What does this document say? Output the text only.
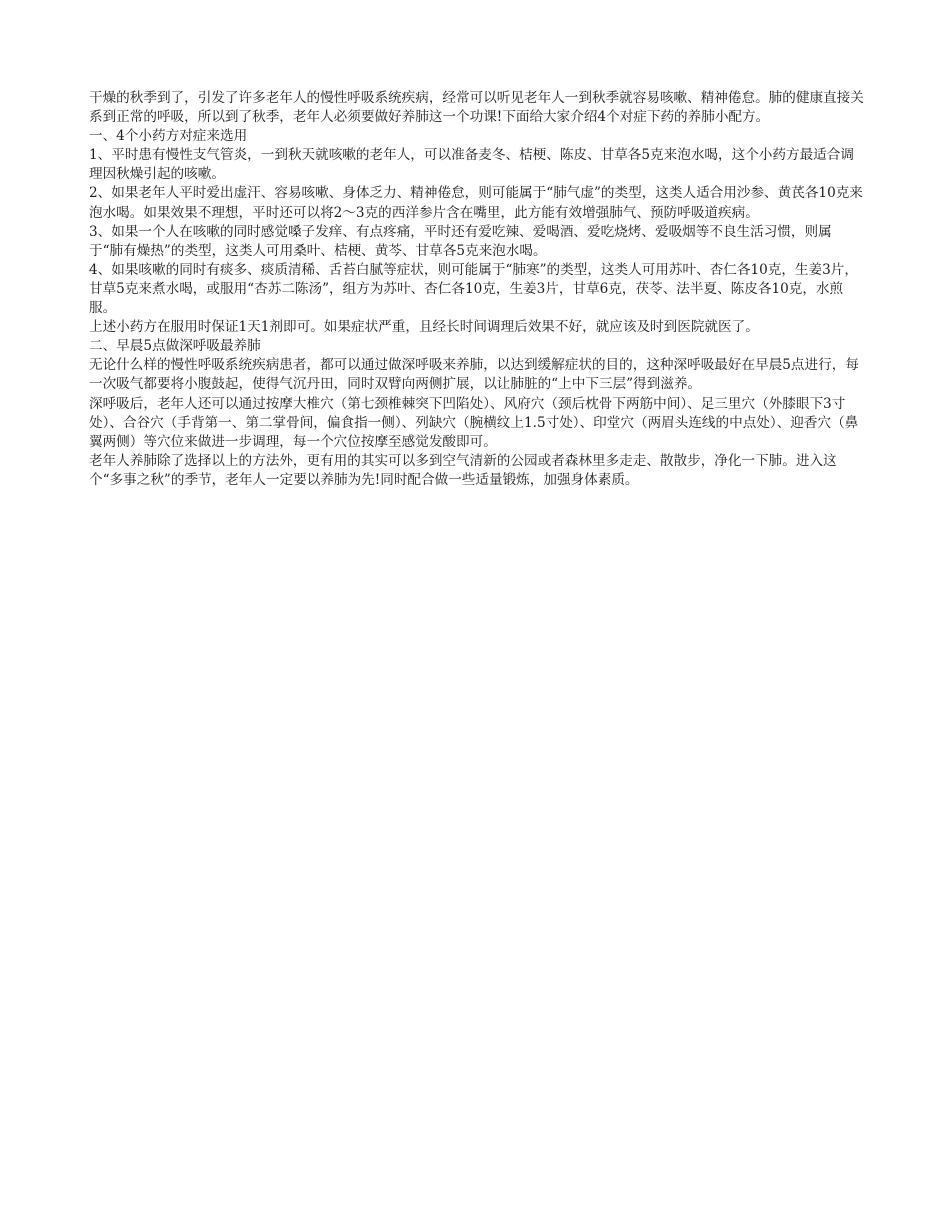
干燥的秋季到了，引发了许多老年人的慢性呼吸系统疾病，经常可以听见老年人一到秋季就容易咳嗽、精神倦怠。肺的健康直接关系到正常的呼吸，所以到了秋季，老年人必须要做好养肺这一个功课!下面给大家介绍4个对症下药的养肺小配方。

一、4个小药方对症来选用

1、平时患有慢性支气管炎，一到秋天就咳嗽的老年人，可以准备麦冬、桔梗、陈皮、甘草各5克来泡水喝，这个小药方最适合调理因秋燥引起的咳嗽。

2、如果老年人平时爱出虚汗、容易咳嗽、身体乏力、精神倦怠，则可能属于“肺气虚”的类型，这类人适合用沙参、黄芪各10克来泡水喝。如果效果不理想，平时还可以将2～3克的西洋参片含在嘴里，此方能有效增强肺气、预防呼吸道疾病。

3、如果一个人在咳嗽的同时感觉嗓子发痒、有点疼痛，平时还有爱吃辣、爱喝酒、爱吃烧烤、爱吸烟等不良生活习惯，则属于“肺有燥热”的类型，这类人可用桑叶、桔梗、黄芩、甘草各5克来泡水喝。

4、如果咳嗽的同时有痰多、痰质清稀、舌苔白腻等症状，则可能属于“肺寒”的类型，这类人可用苏叶、杏仁各10克，生姜3片，甘草5克来煮水喝，或服用“杏苏二陈汤”，组方为苏叶、杏仁各10克，生姜3片，甘草6克，茯苓、法半夏、陈皮各10克，水煎服。

上述小药方在服用时保证1天1剂即可。如果症状严重，且经长时间调理后效果不好，就应该及时到医院就医了。

二、早晨5点做深呼吸最养肺

无论什么样的慢性呼吸系统疾病患者，都可以通过做深呼吸来养肺，以达到缓解症状的目的，这种深呼吸最好在早晨5点进行，每一次吸气都要将小腹鼓起，使得气沉丹田，同时双臂向两侧扩展，以让肺脏的“上中下三层”得到滋养。

深呼吸后，老年人还可以通过按摩大椎穴（第七颈椎棘突下凹陷处）、风府穴（颈后枕骨下两筋中间）、足三里穴（外膝眼下3寸处）、合谷穴（手背第一、第二掌骨间，偏食指一侧）、列缺穴（腕横纹上1.5寸处）、印堂穴（两眉头连线的中点处）、迎香穴（鼻翼两侧）等穴位来做进一步调理，每一个穴位按摩至感觉发酸即可。

老年人养肺除了选择以上的方法外，更有用的其实可以多到空气清新的公园或者森林里多走走、散散步，净化一下肺。进入这个“多事之秋”的季节，老年人一定要以养肺为先!同时配合做一些适量锻炼，加强身体素质。
